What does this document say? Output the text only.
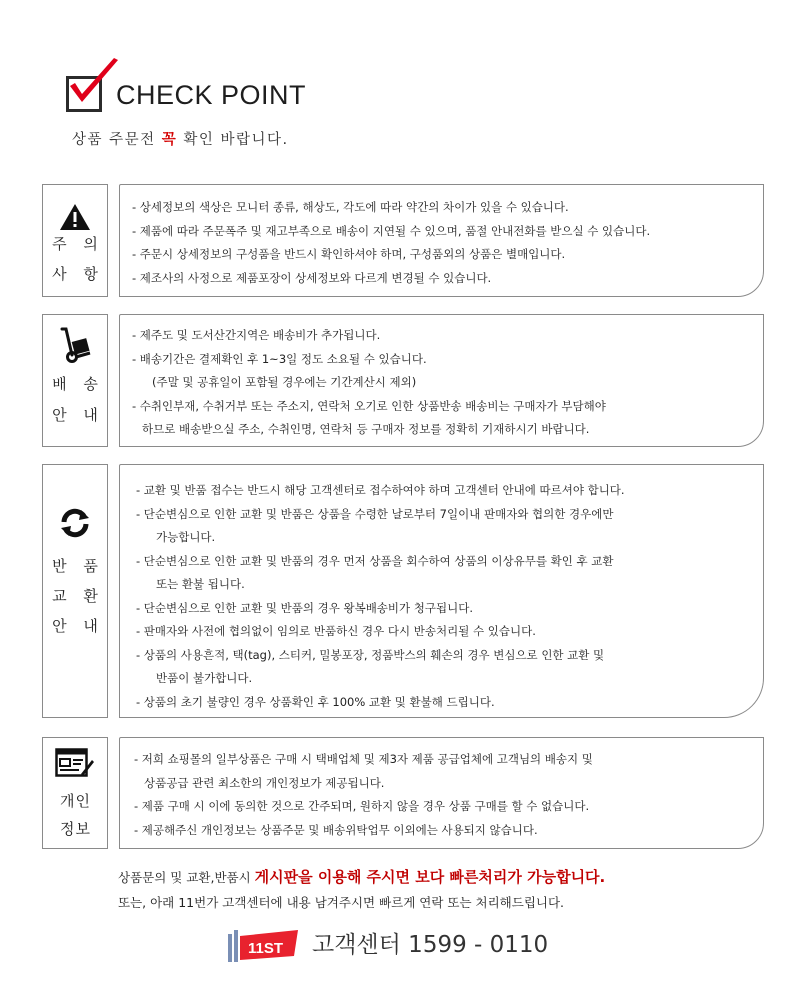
CHECK POINT
상품 주문전 꼭 확인 바랍니다.
주 의
사 항
- 상세정보의 색상은 모니터 종류, 해상도, 각도에 따라 약간의 차이가 있을 수 있습니다.
- 제품에 따라 주문폭주 및 재고부족으로 배송이 지연될 수 있으며, 품절 안내전화를 받으실 수 있습니다.
- 주문시 상세정보의 구성품을 반드시 확인하셔야 하며, 구성품외의 상품은 별매입니다.
- 제조사의 사정으로 제품포장이 상세정보와 다르게 변경될 수 있습니다.
배 송
안 내
- 제주도 및 도서산간지역은 배송비가 추가됩니다.
- 배송기간은 결제확인 후 1~3일 정도 소요될 수 있습니다.
(주말 및 공휴일이 포함될 경우에는 기간계산시 제외)
- 수취인부재, 수취거부 또는 주소지, 연락처 오기로 인한 상품반송 배송비는 구매자가 부담해야
하므로 배송받으실 주소, 수취인명, 연락처 등 구매자 정보를 정확히 기재하시기 바랍니다.
반 품
교 환
안 내
- 교환 및 반품 접수는 반드시 해당 고객센터로 접수하여야 하며 고객센터 안내에 따르셔야 합니다.
- 단순변심으로 인한 교환 및 반품은 상품을 수령한 날로부터 7일이내 판매자와 협의한 경우에만
가능합니다.
- 단순변심으로 인한 교환 및 반품의 경우 먼저 상품을 회수하여 상품의 이상유무를 확인 후 교환
또는 환불 됩니다.
- 단순변심으로 인한 교환 및 반품의 경우 왕복배송비가 청구됩니다.
- 판매자와 사전에 협의없이 임의로 반품하신 경우 다시 반송처리될 수 있습니다.
- 상품의 사용흔적, 택(tag), 스티커, 밀봉포장, 정품박스의 훼손의 경우 변심으로 인한 교환 및
반품이 불가합니다.
- 상품의 초기 불량인 경우 상품확인 후 100% 교환 및 환불해 드립니다.
개인
정보
- 저희 쇼핑몰의 일부상품은 구매 시 택배업체 및 제3자 제품 공급업체에 고객님의 배송지 및
상품공급 관련 최소한의 개인정보가 제공됩니다.
- 제품 구매 시 이에 동의한 것으로 간주되며, 원하지 않을 경우 상품 구매를 할 수 없습니다.
- 제공해주신 개인정보는 상품주문 및 배송위탁업무 이외에는 사용되지 않습니다.
상품문의 및 교환,반품시 게시판을 이용해 주시면 보다 빠른처리가 가능합니다.
또는, 아래 11번가 고객센터에 내용 남겨주시면 빠르게 연락 또는 처리해드립니다.
11ST 고객센터 1599 - 0110
